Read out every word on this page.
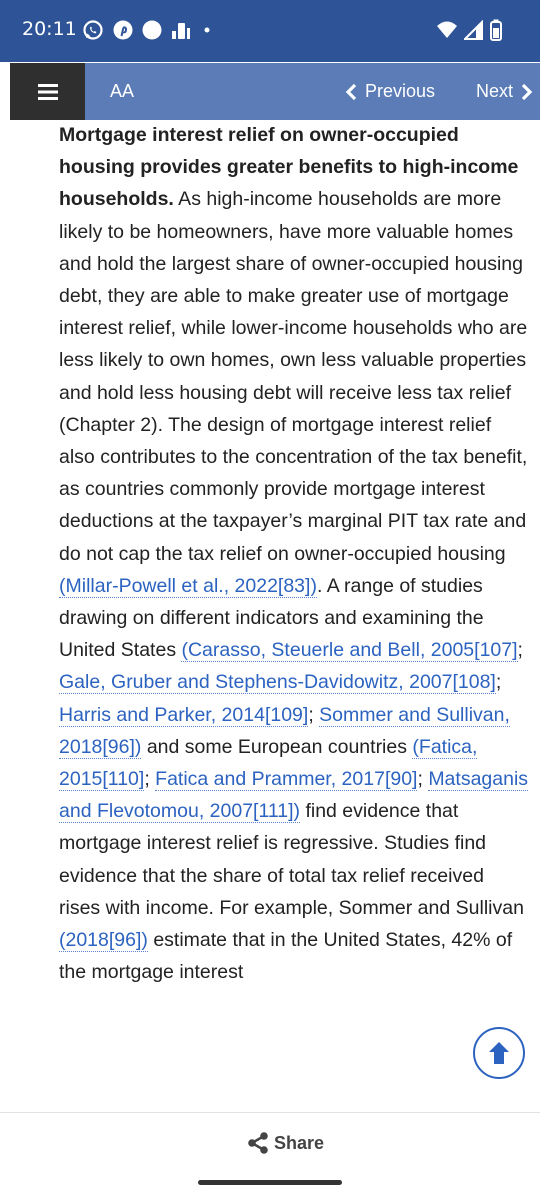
20:11
AA	Previous Next

Mortgage interest relief on owner-occupied housing provides greater benefits to high-income households. As high-income households are more likely to be homeowners, have more valuable homes and hold the largest share of owner-occupied housing debt, they are able to make greater use of mortgage interest relief, while lower-income households who are less likely to own homes, own less valuable properties and hold less housing debt will receive less tax relief (Chapter 2). The design of mortgage interest relief also contributes to the concentration of the tax benefit, as countries commonly provide mortgage interest deductions at the taxpayer’s marginal PIT tax rate and do not cap the tax relief on owner-occupied housing (Millar-Powell et al., 2022[83]). A range of studies drawing on different indicators and examining the United States (Carasso, Steuerle and Bell, 2005[107]; Gale, Gruber and Stephens-Davidowitz, 2007[108]; Harris and Parker, 2014[109]; Sommer and Sullivan, 2018[96]) and some European countries (Fatica, 2015[110]; Fatica and Prammer, 2017[90]; Matsaganis and Flevotomou, 2007[111]) find evidence that mortgage interest relief is regressive. Studies find evidence that the share of total tax relief received rises with income. For example, Sommer and Sullivan (2018[96]) estimate that in the United States, 42% of the mortgage interest

Share
